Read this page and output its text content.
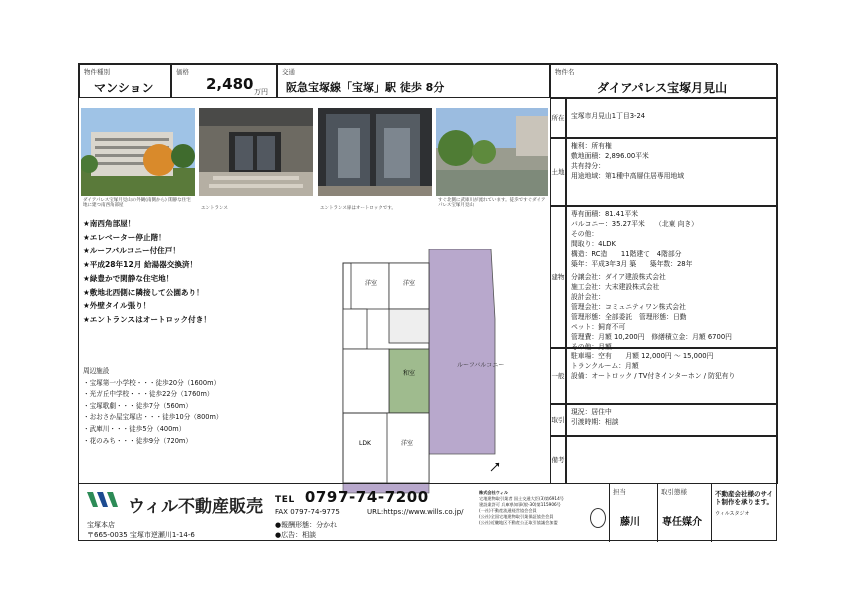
物件種別
マンション
価格
2,480 万円
交通
阪急宝塚線「宝塚」駅 徒歩 8分
物件名
ダイアパレス宝塚月見山
ダイアパレス宝塚月見山の外観(南側から) 閑静な住宅地に建つ南西角部屋
エントランス	エントランス扉はオートロックです。
すぐ北側に武庫川が流れています。徒歩ですぐダイアパレス宝塚月見山
★南西角部屋！
★エレベーター停止階！
★ルーフバルコニー付住戸！
★平成28年12月 給湯器交換済！
★緑豊かで閑静な住宅地！
★敷地北西側に隣接して公園あり！
★外壁タイル張り！
★エントランスはオートロック付き！
周辺施設
・宝塚第一小学校・・・徒歩20分（1600m）
・光ガ丘中学校・・・徒歩22分（1760m）
・宝塚歌劇・・・徒歩7分（560m）
・おおさか屋宝塚店・・・徒歩10分（800m）
・武庫川・・・徒歩5分（400m）
・花のみち・・・徒歩9分（720m）
ルーフバルコニー
洋室	洋室
和室
LDK	洋室
所在 宝塚市月見山1丁目3-24
土地
権利：所有権
敷地面積：2,896.00平米
共有持分：
用途地域：第1種中高層住居専用地域
建物
専有面積：81.41平米
バルコニー：35.27平米　　（北東 向き）
その他：
間取り：4LDK
構造：RC造　　11階建て　4階部分
築年：平成3年3月 築　　築年数：28年
分譲会社：ダイア建設株式会社
施工会社：大末建設株式会社
設計会社：
管理会社：コミュニティワン株式会社
管理形態：全部委託　管理形態：日勤
ペット：飼育不可
管理費：月額 10,200円　修繕積立金：月額 6700円
その他：月額
一般
駐車場：空有　　月額 12,000円 ～ 15,000円
トランクルーム：月額
設備：オートロック / TV付きインターホン / 防犯有り
取引
現況：居住中
引渡時期：相談
備考
ウィル不動産販売 TEL 0797-74-7200
FAX 0797-74-9775	URL:https://www.wills.co.jp/
宝塚本店
〒665-0035 宝塚市逆瀬川1-14-6
●報酬形態：分かれ
●広告：相談
株式会社ウィル
宅地建物取引業者 国土交通大臣(3)第6914号
建設業許可 兵庫県知事(般-30)第115906号
(一社)不動産流通経営協会会員
(公社)全国宅地建物取引業保証協会会員
(公社)近畿地区不動産公正取引協議会加盟
担当
藤川
取引態様
専任媒介
不動産会社様のサイト制作を承ります。
ウィルスタジオ
